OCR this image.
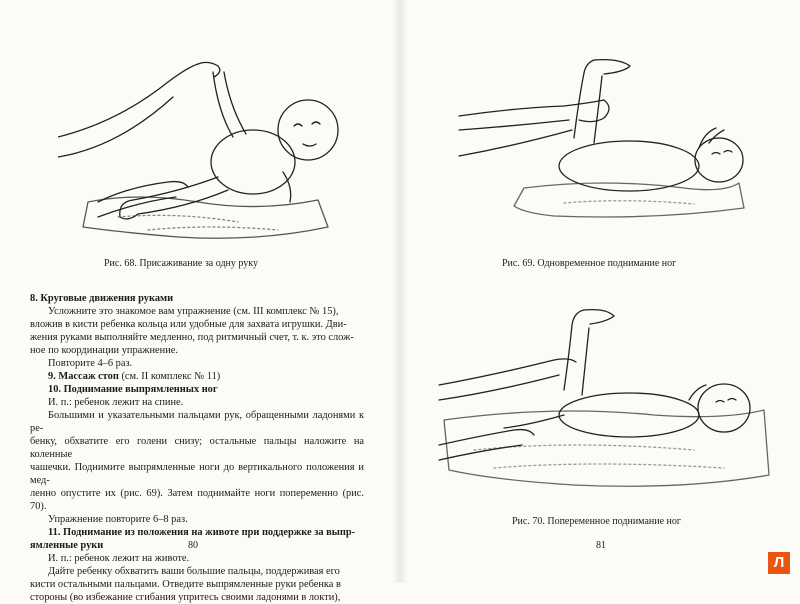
Рис. 68. Присаживание за одну руку

8. Круговые движения руками

Усложните это знакомое вам упражнение (см. III комплекс № 15),

вложив в кисти ребенка кольца или удобные для захвата игрушки. Дви-

жения руками выполняйте медленно, под ритмичный счет, т. к. это слож-

ное по координации упражнение.

Повторите 4–6 раз.

9. Массаж стоп (см. II комплекс № 11)

10. Поднимание выпрямленных ног

И. п.: ребенок лежит на спине.

Большими и указательными пальцами рук, обращенными ладонями к ре-

бенку, обхватите его голени снизу; остальные пальцы наложите на коленные

чашечки. Поднимите выпрямленные ноги до вертикального положения и мед-

ленно опустите их (рис. 69). Затем поднимайте ноги попеременно (рис. 70).

Упражнение повторите 6–8 раз.

11. Поднимание из положения на животе при поддержке за выпр-

ямленные руки

И. п.: ребенок лежит на животе.

Дайте ребенку обхватить ваши большие пальцы, поддерживая его

кисти остальными пальцами. Отведите выпрямленные руки ребенка в

стороны (во избежание сгибания упритесь своими ладонями в локти),

80
Рис. 69. Одновременное поднимание ног
Рис. 70. Попеременное поднимание ног
81
Л
